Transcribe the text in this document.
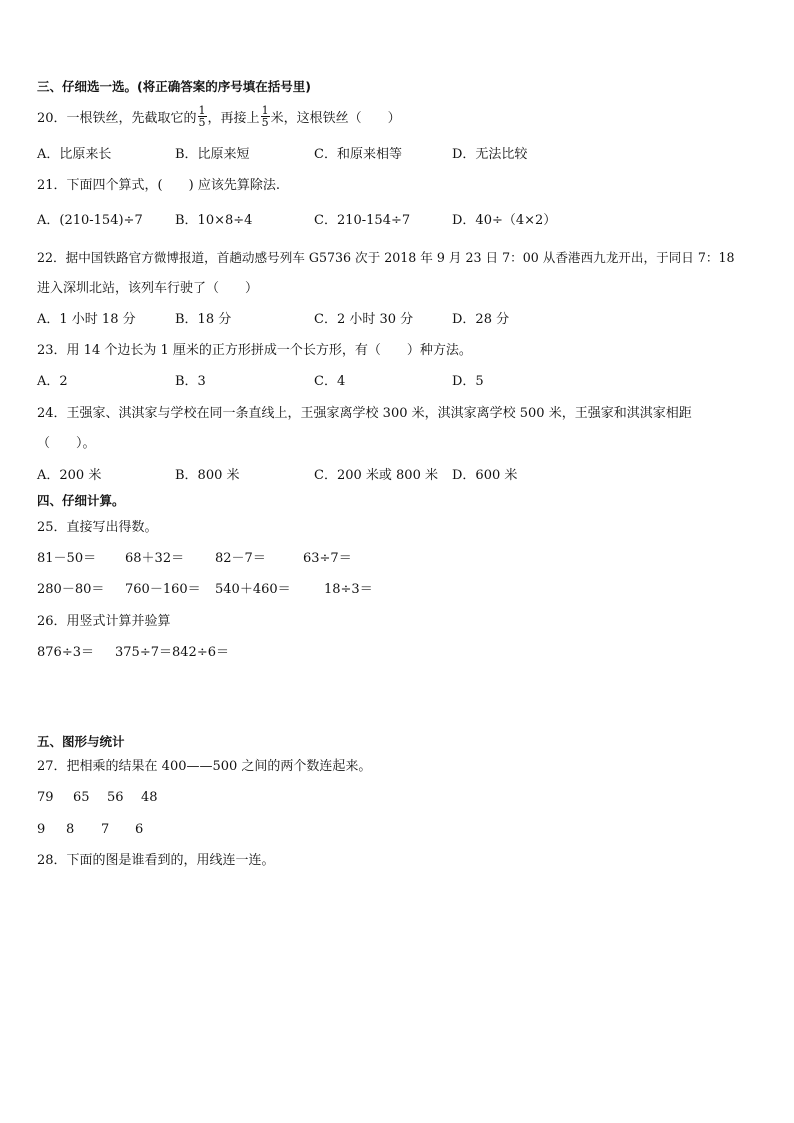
三、仔细选一选。(将正确答案的序号填在括号里)
20．一根铁丝，先截取它的 $\frac{1}{5}$ ，再接上 $\frac{1}{5}$ 米，这根铁丝（　　）
A．比原来长	B．比原来短	C．和原来相等	D．无法比较
21．下面四个算式，(　　) 应该先算除法.
A．(210-154)÷7 B．10×8÷4	C．210-154÷7	D．40÷（4×2）
22．据中国铁路官方微博报道，首趟动感号列车 G5736 次于 2018 年 9 月 23 日 7：00 从香港西九龙开出，于同日 7：18
进入深圳北站，该列车行驶了（　　）
A．1 小时 18 分	B．18 分	C．2 小时 30 分	D．28 分
23．用 14 个边长为 1 厘米的正方形拼成一个长方形，有（　　）种方法。
A．2	B．3	C．4	D．5
24．王强家、淇淇家与学校在同一条直线上，王强家离学校 300 米，淇淇家离学校 500 米，王强家和淇淇家相距
（　　）。
A．200 米	B．800 米	C．200 米或 800 米 D．600 米
四、仔细计算。
25．直接写出得数。
81－50＝ 68＋32＝ 82－7＝	63÷7＝
280－80＝ 760－160＝ 540＋460＝	18÷3＝
26．用竖式计算并验算
876÷3＝ 375÷7＝ 842÷6＝
五、图形与统计
27．把相乘的结果在 400——500 之间的两个数连起来。
79 65 56 48
9 8 7 6
28．下面的图是谁看到的，用线连一连。
